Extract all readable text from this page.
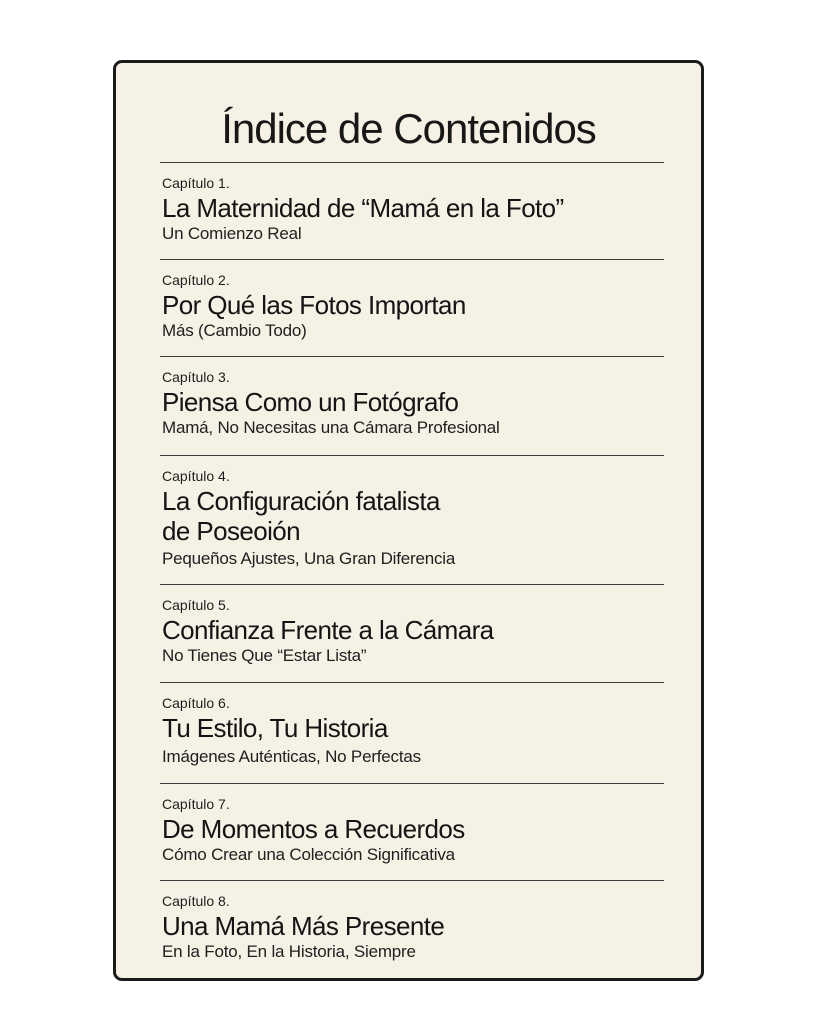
Índice de Contenidos
Capítulo 1.
La Maternidad de “Mamá en la Foto”
Un Comienzo Real
Capítulo 2.
Por Qué las Fotos Importan
Más (Cambio Todo)
Capítulo 3.
Piensa Como un Fotógrafo
Mamá, No Necesitas una Cámara Profesional
Capítulo 4.
La Configuración fatalista
de Poseoión
Pequeños Ajustes, Una Gran Diferencia
Capítulo 5.
Confianza Frente a la Cámara
No Tienes Que “Estar Lista”
Capítulo 6.
Tu Estilo, Tu Historia
Imágenes Auténticas, No Perfectas
Capítulo 7.
De Momentos a Recuerdos
Cómo Crear una Colección Significativa
Capítulo 8.
Una Mamá Más Presente
En la Foto, En la Historia, Siempre
